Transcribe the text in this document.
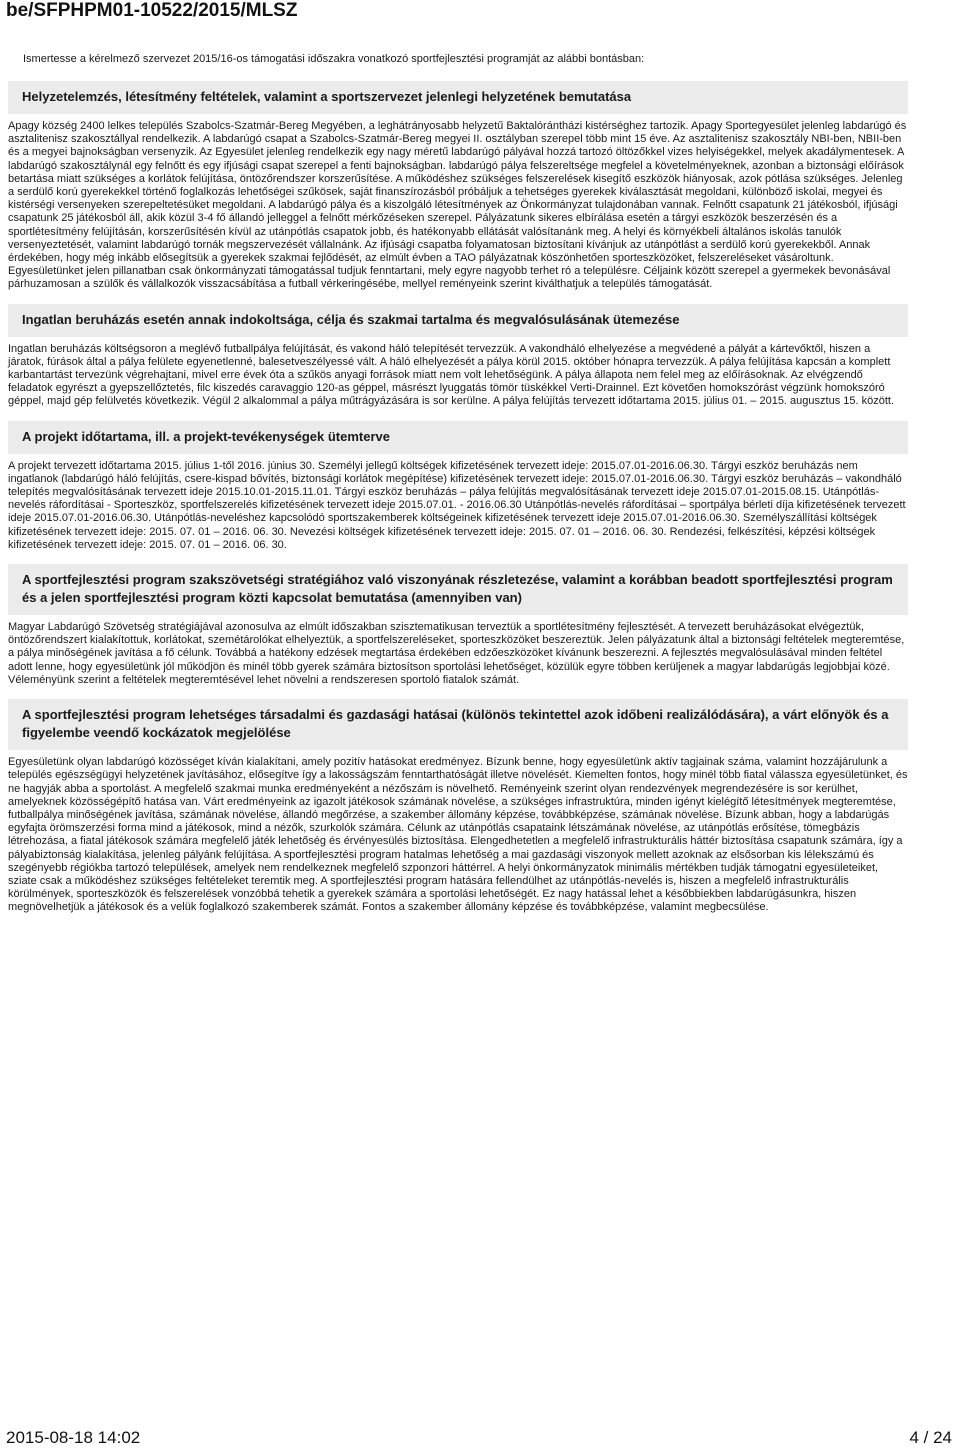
be/SFPHPM01-10522/2015/MLSZ

Ismertesse a kérelmező szervezet 2015/16-os támogatási időszakra vonatkozó sportfejlesztési programját az alábbi bontásban:

Helyzetelemzés, létesítmény feltételek, valamint a sportszervezet jelenlegi helyzetének bemutatása

Apagy község 2400 lelkes település Szabolcs-Szatmár-Bereg Megyében, a leghátrányosabb helyzetű Baktalórántházi kistérséghez tartozik. Apagy Sportegyesület jelenleg labdarúgó és asztalitenisz szakosztállyal rendelkezik. A labdarúgó csapat a Szabolcs-Szatmár-Bereg megyei II. osztályban szerepel több mint 15 éve. Az asztalitenisz szakosztály NBI-ben, NBII-ben és a megyei bajnokságban versenyzik. Az Egyesület jelenleg rendelkezik egy nagy méretű labdarúgó pályával hozzá tartozó öltözőkkel vizes helyiségekkel, melyek akadálymentesek. A labdarúgó szakosztálynál egy felnőtt és egy ifjúsági csapat szerepel a fenti bajnokságban. labdarúgó pálya felszereltsége megfelel a követelményeknek, azonban a biztonsági előírások betartása miatt szükséges a korlátok felújítása, öntözőrendszer korszerűsítése. A működéshez szükséges felszerelések kisegítő eszközök hiányosak, azok pótlása szükséges. Jelenleg a serdülő korú gyerekekkel történő foglalkozás lehetőségei szűkösek, saját finanszírozásból próbáljuk a tehetséges gyerekek kiválasztását megoldani, különböző iskolai, megyei és kistérségi versenyeken szerepeltetésüket megoldani. A labdarúgó pálya és a kiszolgáló létesítmények az Önkormányzat tulajdonában vannak. Felnőtt csapatunk 21 játékosból, ifjúsági csapatunk 25 játékosból áll, akik közül 3-4 fő állandó jelleggel a felnőtt mérkőzéseken szerepel. Pályázatunk sikeres elbírálása esetén a tárgyi eszközök beszerzésén és a sportlétesítmény felújításán, korszerűsítésén kívül az utánpótlás csapatok jobb, és hatékonyabb ellátását valósítanánk meg. A helyi és környékbeli általános iskolás tanulók versenyeztetését, valamint labdarúgó tornák megszervezését vállalnánk. Az ifjúsági csapatba folyamatosan biztosítani kívánjuk az utánpótlást a serdülő korú gyerekekből. Annak érdekében, hogy még inkább elősegítsük a gyerekek szakmai fejlődését, az elmúlt évben a TAO pályázatnak köszönhetően sporteszközöket, felszereléseket vásároltunk. Egyesületünket jelen pillanatban csak önkormányzati támogatással tudjuk fenntartani, mely egyre nagyobb terhet ró a településre. Céljaink között szerepel a gyermekek bevonásával párhuzamosan a szülők és vállalkozók visszacsábítása a futball vérkeringésébe, mellyel reményeink szerint kiválthatjuk a település támogatását.

Ingatlan beruházás esetén annak indokoltsága, célja és szakmai tartalma és megvalósulásának ütemezése

Ingatlan beruházás költségsoron a meglévő futballpálya felújítását, és vakond háló telepítését tervezzük. A vakondháló elhelyezése a megvédené a pályát a kártevőktől, hiszen a járatok, fúrások által a pálya felülete egyenetlenné, balesetveszélyessé vált. A háló elhelyezését a pálya körül 2015. október hónapra tervezzük. A pálya felújítása kapcsán a komplett karbantartást tervezünk végrehajtani, mivel erre évek óta a szűkös anyagi források miatt nem volt lehetőségünk. A pálya állapota nem felel meg az előírásoknak. Az elvégzendő feladatok egyrészt a gyepszellőztetés, filc kiszedés caravaggio 120-as géppel, másrészt lyuggatás tömör tüskékkel Verti-Drainnel. Ezt követően homokszórást végzünk homokszóró géppel, majd gép felülvetés következik. Végül 2 alkalommal a pálya műtrágyázására is sor kerülne. A pálya felújítás tervezett időtartama 2015. július 01. – 2015. augusztus 15. között.

A projekt időtartama, ill. a projekt-tevékenységek ütemterve

A projekt tervezett időtartama 2015. július 1-től 2016. június 30. Személyi jellegű költségek kifizetésének tervezett ideje: 2015.07.01-2016.06.30. Tárgyi eszköz beruházás nem ingatlanok (labdarúgó háló felújítás, csere-kispad bővítés, biztonsági korlátok megépítése) kifizetésének tervezett ideje: 2015.07.01-2016.06.30. Tárgyi eszköz beruházás – vakondháló telepítés megvalósításának tervezett ideje 2015.10.01-2015.11.01. Tárgyi eszköz beruházás – pálya felújítás megvalósításának tervezett ideje 2015.07.01-2015.08.15. Utánpótlás-nevelés ráfordításai - Sporteszköz, sportfelszerelés kifizetésének tervezett ideje 2015.07.01. - 2016.06.30 Utánpótlás-nevelés ráfordításai – sportpálya bérleti díja kifizetésének tervezett ideje 2015.07.01-2016.06.30. Utánpótlás-neveléshez kapcsolódó sportszakemberek költségeinek kifizetésének tervezett ideje 2015.07.01-2016.06.30. Személyszállítási költségek kifizetésének tervezett ideje: 2015. 07. 01 – 2016. 06. 30. Nevezési költségek kifizetésének tervezett ideje: 2015. 07. 01 – 2016. 06. 30. Rendezési, felkészítési, képzési költségek kifizetésének tervezett ideje: 2015. 07. 01 – 2016. 06. 30.

A sportfejlesztési program szakszövetségi stratégiához való viszonyának részletezése, valamint a korábban beadott sportfejlesztési program és a jelen sportfejlesztési program közti kapcsolat bemutatása (amennyiben van)

Magyar Labdarúgó Szövetség stratégiájával azonosulva az elmúlt időszakban szisztematikusan terveztük a sportlétesítmény fejlesztését. A tervezett beruházásokat elvégeztük, öntözőrendszert kialakítottuk, korlátokat, szemétárolókat elhelyeztük, a sportfelszereléseket, sporteszközöket beszereztük. Jelen pályázatunk által a biztonsági feltételek megteremtése, a pálya minőségének javítása a fő célunk. Továbbá a hatékony edzések megtartása érdekében edzőeszközöket kívánunk beszerezni. A fejlesztés megvalósulásával minden feltétel adott lenne, hogy egyesületünk jól működjön és minél több gyerek számára biztosítson sportolási lehetőséget, közülük egyre többen kerüljenek a magyar labdarúgás legjobbjai közé. Véleményünk szerint a feltételek megteremtésével lehet növelni a rendszeresen sportoló fiatalok számát.

A sportfejlesztési program lehetséges társadalmi és gazdasági hatásai (különös tekintettel azok időbeni realizálódására), a várt előnyök és a figyelembe veendő kockázatok megjelölése

Egyesületünk olyan labdarúgó közösséget kíván kialakítani, amely pozitív hatásokat eredményez. Bízunk benne, hogy egyesületünk aktív tagjainak száma, valamint hozzájárulunk a település egészségügyi helyzetének javításához, elősegítve így a lakosságszám fenntarthatóságát illetve növelését. Kiemelten fontos, hogy minél több fiatal válassza egyesületünket, és ne hagyják abba a sportolást. A megfelelő szakmai munka eredményeként a nézőszám is növelhető. Reményeink szerint olyan rendezvények megrendezésére is sor kerülhet, amelyeknek közösségépítő hatása van. Várt eredményeink az igazolt játékosok számának növelése, a szükséges infrastruktúra, minden igényt kielégítő létesítmények megteremtése, futballpálya minőségének javítása, számának növelése, állandó megőrzése, a szakember állomány képzése, továbbképzése, számának növelése. Bízunk abban, hogy a labdarúgás egyfajta örömszerzési forma mind a játékosok, mind a nézők, szurkolók számára. Célunk az utánpótlás csapataink létszámának növelése, az utánpótlás erősítése, tömegbázis létrehozása, a fiatal játékosok számára megfelelő játék lehetőség és érvényesülés biztosítása. Elengedhetetlen a megfelelő infrastrukturális háttér biztosítása csapatunk számára, így a pályabiztonság kialakítása, jelenleg pályánk felújítása. A sportfejlesztési program hatalmas lehetőség a mai gazdasági viszonyok mellett azoknak az elsősorban kis lélekszámú és szegényebb régiókba tartozó települések, amelyek nem rendelkeznek megfelelő szponzori háttérrel. A helyi önkormányzatok minimális mértékben tudják támogatni egyesületeiket, sziate csak a működéshez szükséges feltételeket teremtik meg. A sportfejlesztési program hatására fellendülhet az utánpótlás-nevelés is, hiszen a megfelelő infrastrukturális körülmények, sporteszközök és felszerelések vonzóbbá tehetik a gyerekek számára a sportolási lehetőségét. Ez nagy hatással lehet a későbbiekben labdarúgásunkra, hiszen megnövelhetjük a játékosok és a velük foglalkozó szakemberek számát. Fontos a szakember állomány képzése és továbbképzése, valamint megbecsülése.

2015-08-18 14:02	4 / 24
